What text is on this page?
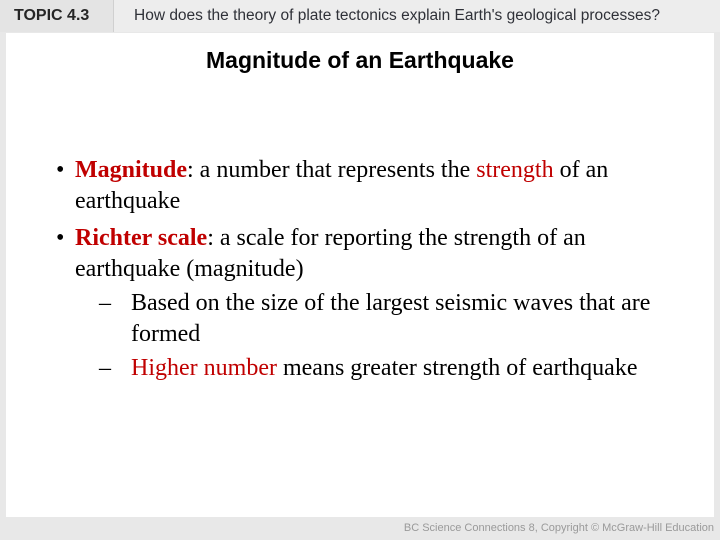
TOPIC 4.3	How does the theory of plate tectonics explain Earth's geological processes?
Magnitude of an Earthquake
• Magnitude: a number that represents the strength of an earthquake
• Richter scale: a scale for reporting the strength of an earthquake (magnitude)
– Based on the size of the largest seismic waves that are formed
– Higher number means greater strength of earthquake
BC Science Connections 8, Copyright © McGraw-Hill Education
